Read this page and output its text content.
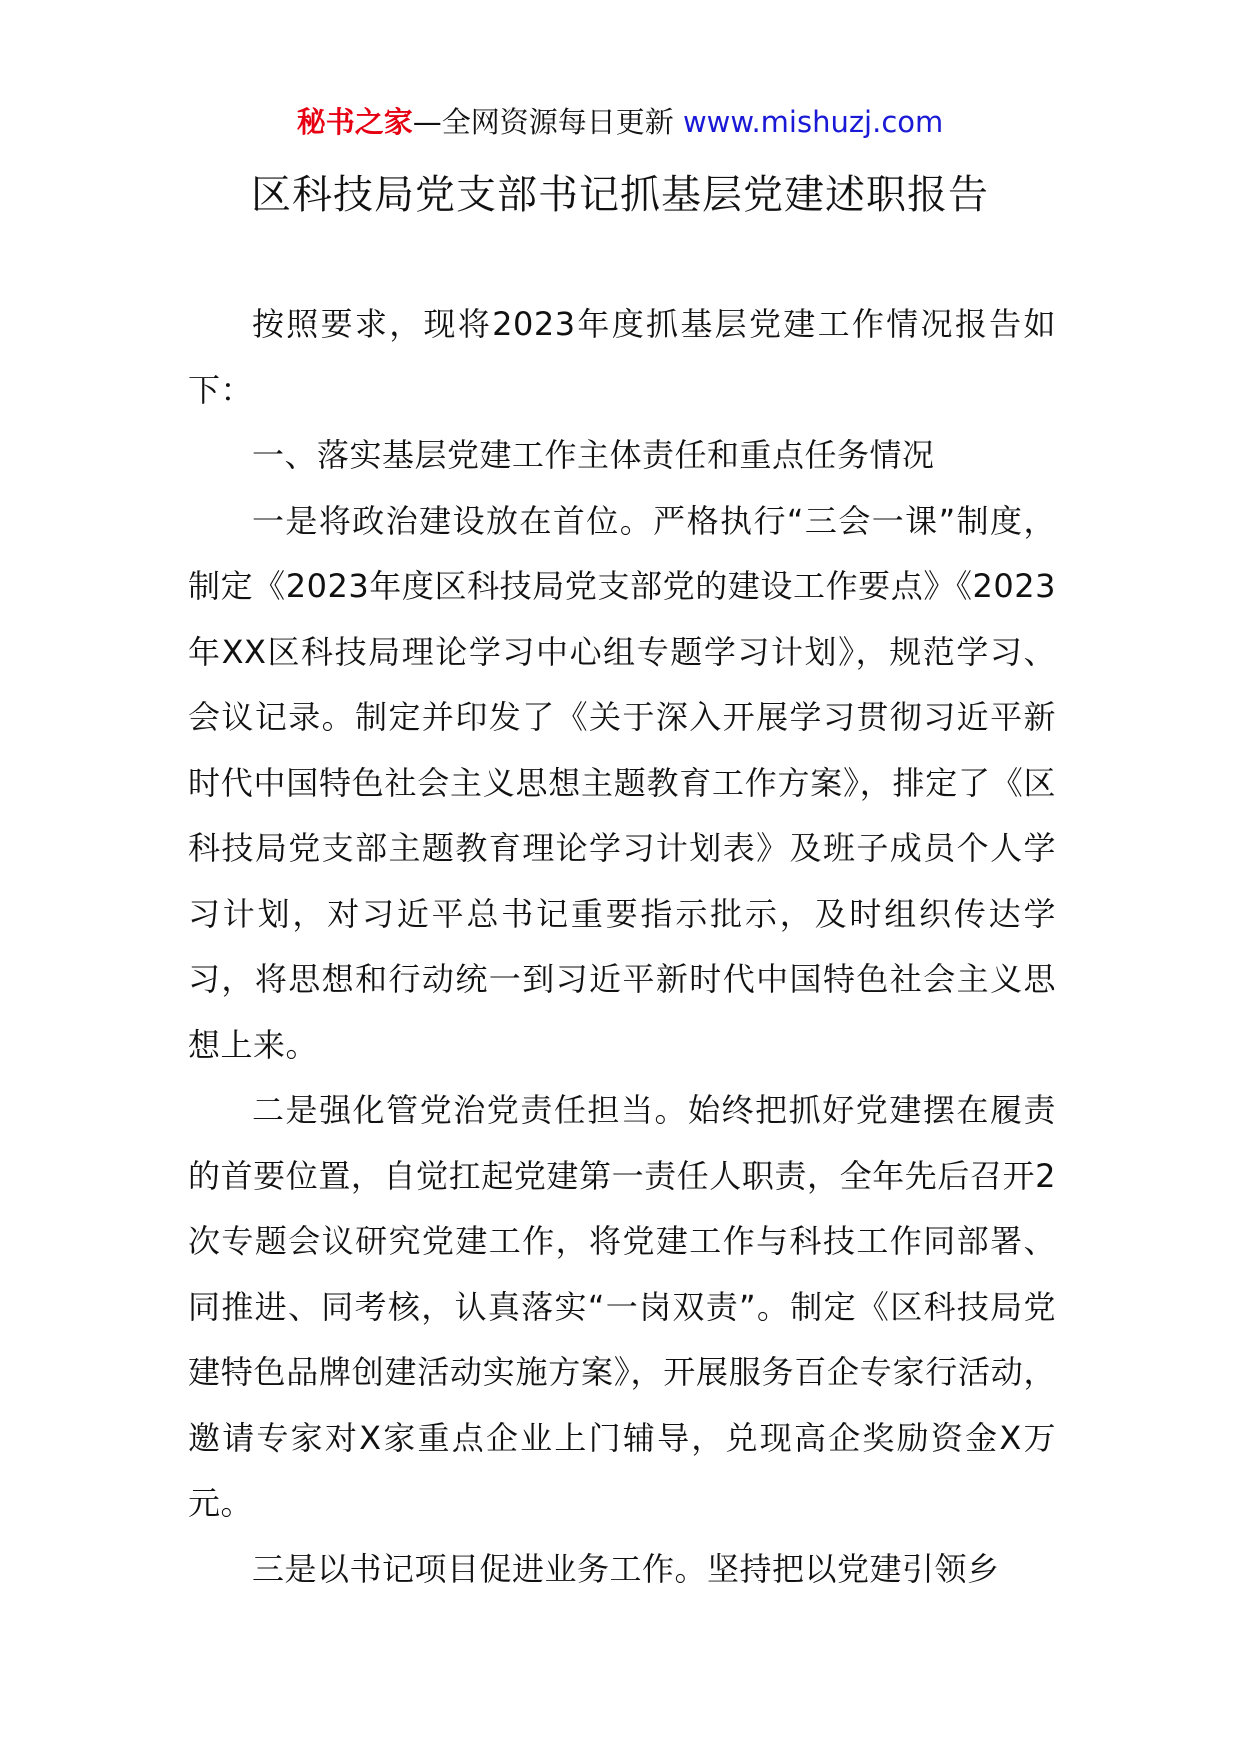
秘书之家—全网资源每日更新 www.mishuzj.com
区科技局党支部书记抓基层党建述职报告

按照要求，现将2023年度抓基层党建工作情况报告如下：

一、落实基层党建工作主体责任和重点任务情况

一是将政治建设放在首位。严格执行“三会一课”制度，制定《2023年度区科技局党支部党的建设工作要点》《2023年XX区科技局理论学习中心组专题学习计划》，规范学习、会议记录。制定并印发了《关于深入开展学习贯彻习近平新时代中国特色社会主义思想主题教育工作方案》，排定了《区科技局党支部主题教育理论学习计划表》及班子成员个人学习计划，对习近平总书记重要指示批示，及时组织传达学习，将思想和行动统一到习近平新时代中国特色社会主义思想上来。

二是强化管党治党责任担当。始终把抓好党建摆在履责的首要位置，自觉扛起党建第一责任人职责，全年先后召开2次专题会议研究党建工作，将党建工作与科技工作同部署、同推进、同考核，认真落实“一岗双责”。制定《区科技局党建特色品牌创建活动实施方案》，开展服务百企专家行活动，邀请专家对X家重点企业上门辅导，兑现高企奖励资金X万元。

三是以书记项目促进业务工作。坚持把以党建引领乡
